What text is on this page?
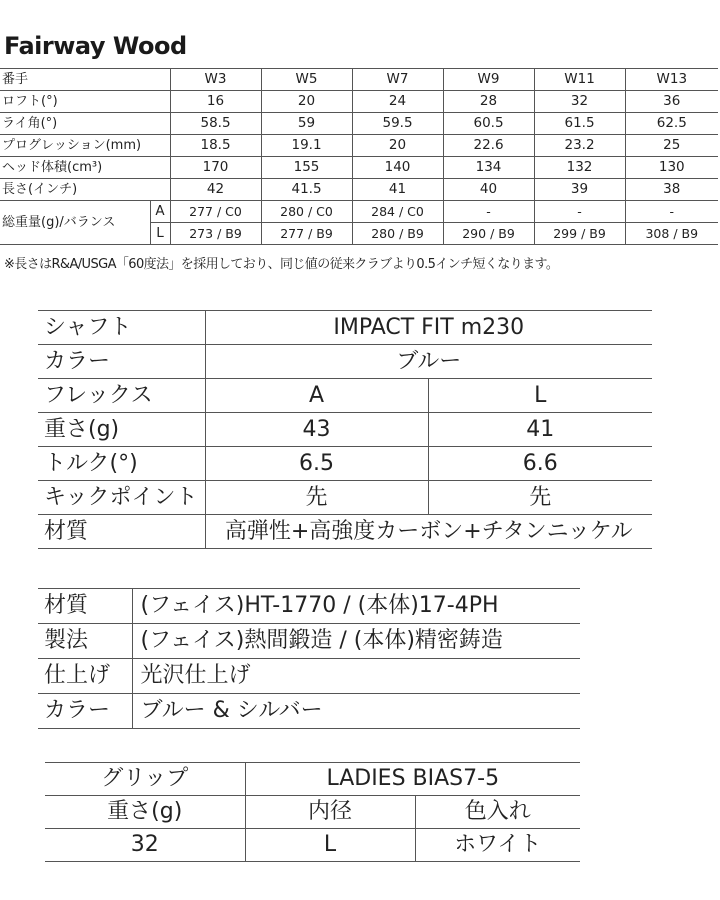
Fairway Wood
番手		W3	W5	W7	W9	W11	W13
ロフト(°)		16	20	24	28	32	36
ライ角(°)		58.5	59	59.5	60.5	61.5	62.5
プログレッション(mm)		18.5	19.1	20	22.6	23.2	25
ヘッド体積(cm³)		170	155	140	134	132	130
長さ(インチ)		42	41.5	41	40	39	38
総重量(g)/バランス	A	277 / C0	280 / C0	284 / C0	-	-	-
	L	273 / B9	277 / B9	280 / B9	290 / B9	299 / B9	308 / B9
※長さはR&A/USGA「60度法」を採用しており、同じ値の従来クラブより0.5インチ短くなります。
シャフト	IMPACT FIT m230	
カラー	ブルー	
フレックス	A	L
重さ(g)	43	41
トルク(°)	6.5	6.6
キックポイント	先	先
材質	高弾性+高強度カーボン+チタンニッケル	
材質	(フェイス)HT-1770 / (本体)17-4PH
製法	(フェイス)熱間鍛造 / (本体)精密鋳造
仕上げ	光沢仕上げ
カラー	ブルー & シルバー
グリップ	LADIES BIAS7-5	
重さ(g)	内径	色入れ
32	L	ホワイト
